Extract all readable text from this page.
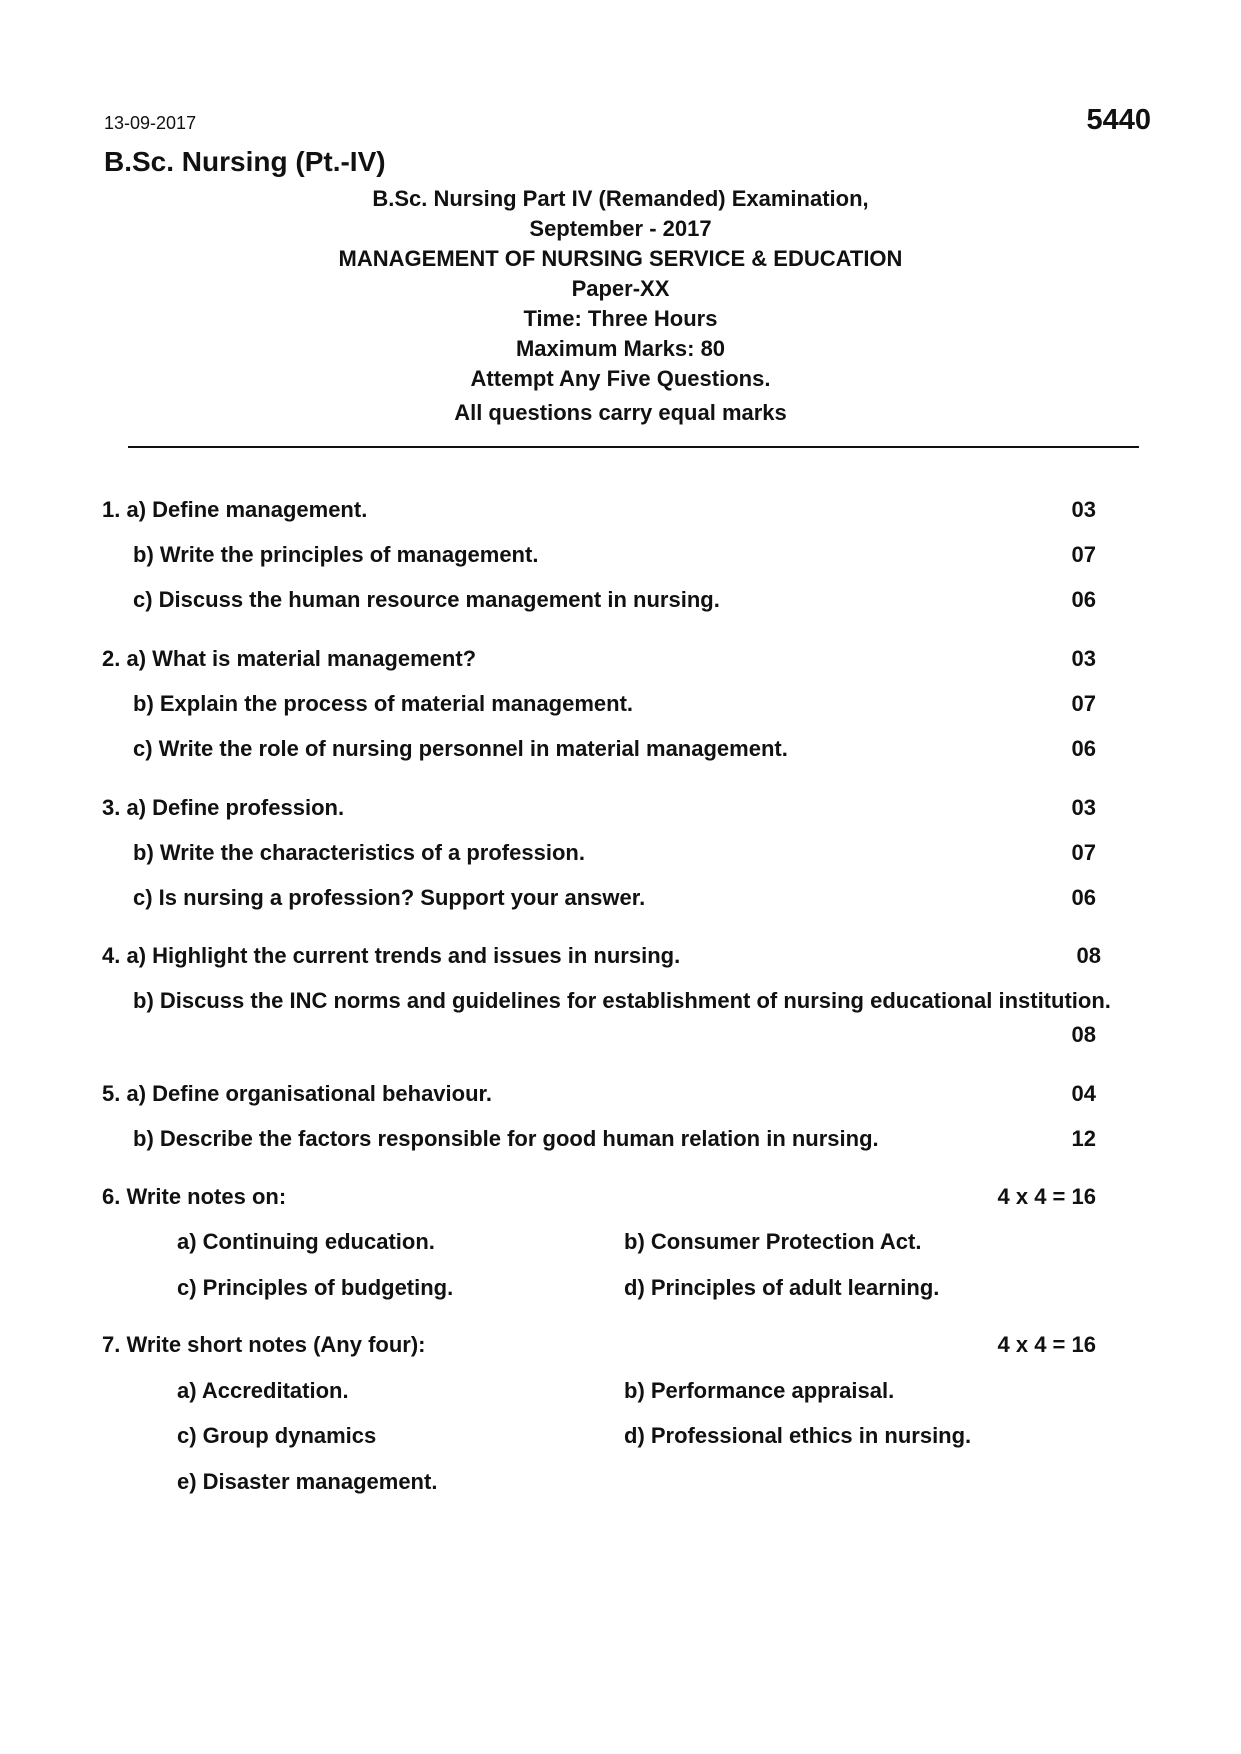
13-09-2017	5440
B.Sc. Nursing (Pt.-IV)
B.Sc. Nursing Part IV (Remanded) Examination,
September - 2017
MANAGEMENT OF NURSING SERVICE & EDUCATION
Paper-XX
Time: Three Hours
Maximum Marks: 80
Attempt Any Five Questions.
All questions carry equal marks
1. a) Define management.	03
b) Write the principles of management.	07
c) Discuss the human resource management in nursing.	06
2. a) What is material management?	03
b) Explain the process of material management.	07
c) Write the role of nursing personnel in material management.	06
3. a) Define profession.	03
b) Write the characteristics of a profession.	07
c) Is nursing a profession? Support your answer.	06
4. a) Highlight the current trends and issues in nursing.	08
b) Discuss the INC norms and guidelines for establishment of nursing educational institution.
08
5. a) Define organisational behaviour.	04
b) Describe the factors responsible for good human relation in nursing.	12
6. Write notes on:	4 x 4 = 16
a) Continuing education.	b) Consumer Protection Act.
c) Principles of budgeting.	d) Principles of adult learning.
7. Write short notes (Any four):	4 x 4 = 16
a) Accreditation.	b) Performance appraisal.
c) Group dynamics	d) Professional ethics in nursing.
e) Disaster management.
